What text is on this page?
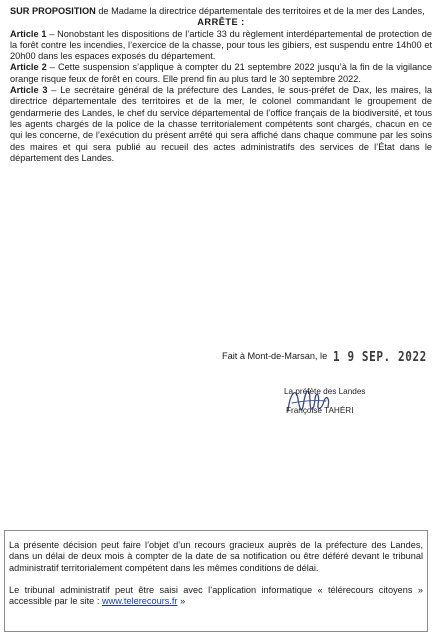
SUR PROPOSITION de Madame la directrice départementale des territoires et de la mer des Landes,

ARRÊTE :

Article 1 – Nonobstant les dispositions de l’article 33 du règlement interdépartemental de protection de la forêt contre les incendies, l’exercice de la chasse, pour tous les gibiers, est suspendu entre 14h00 et 20h00 dans les espaces exposés du département.

Article 2 – Cette suspension s’applique à compter du 21 septembre 2022 jusqu’à la fin de la vigilance orange risque feux de forêt en cours. Elle prend fin au plus tard le 30 septembre 2022.

Article 3 – Le secrétaire général de la préfecture des Landes, le sous-préfet de Dax, les maires, la directrice départementale des territoires et de la mer, le colonel commandant le groupement de gendarmerie des Landes, le chef du service départemental de l’office français de la biodiversité, et tous les agents chargés de la police de la chasse territorialement compétents sont chargés, chacun en ce qui les concerne, de l’exécution du présent arrêté qui sera affiché dans chaque commune par les soins des maires et qui sera publié au recueil des actes administratifs des services de l’État dans le département des Landes.

Fait à Mont-de-Marsan, le 1 9 SEP. 2022
La préfète des Landes
Françoise TAHÉRI

La présente décision peut faire l’objet d’un recours gracieux auprès de la préfecture des Landes, dans un délai de deux mois à compter de la date de sa notification ou être déféré devant le tribunal administratif territorialement compétent dans les mêmes conditions de délai.

Le tribunal administratif peut être saisi avec l’application informatique « télérecours citoyens » accessible par le site : www.telerecours.fr »
